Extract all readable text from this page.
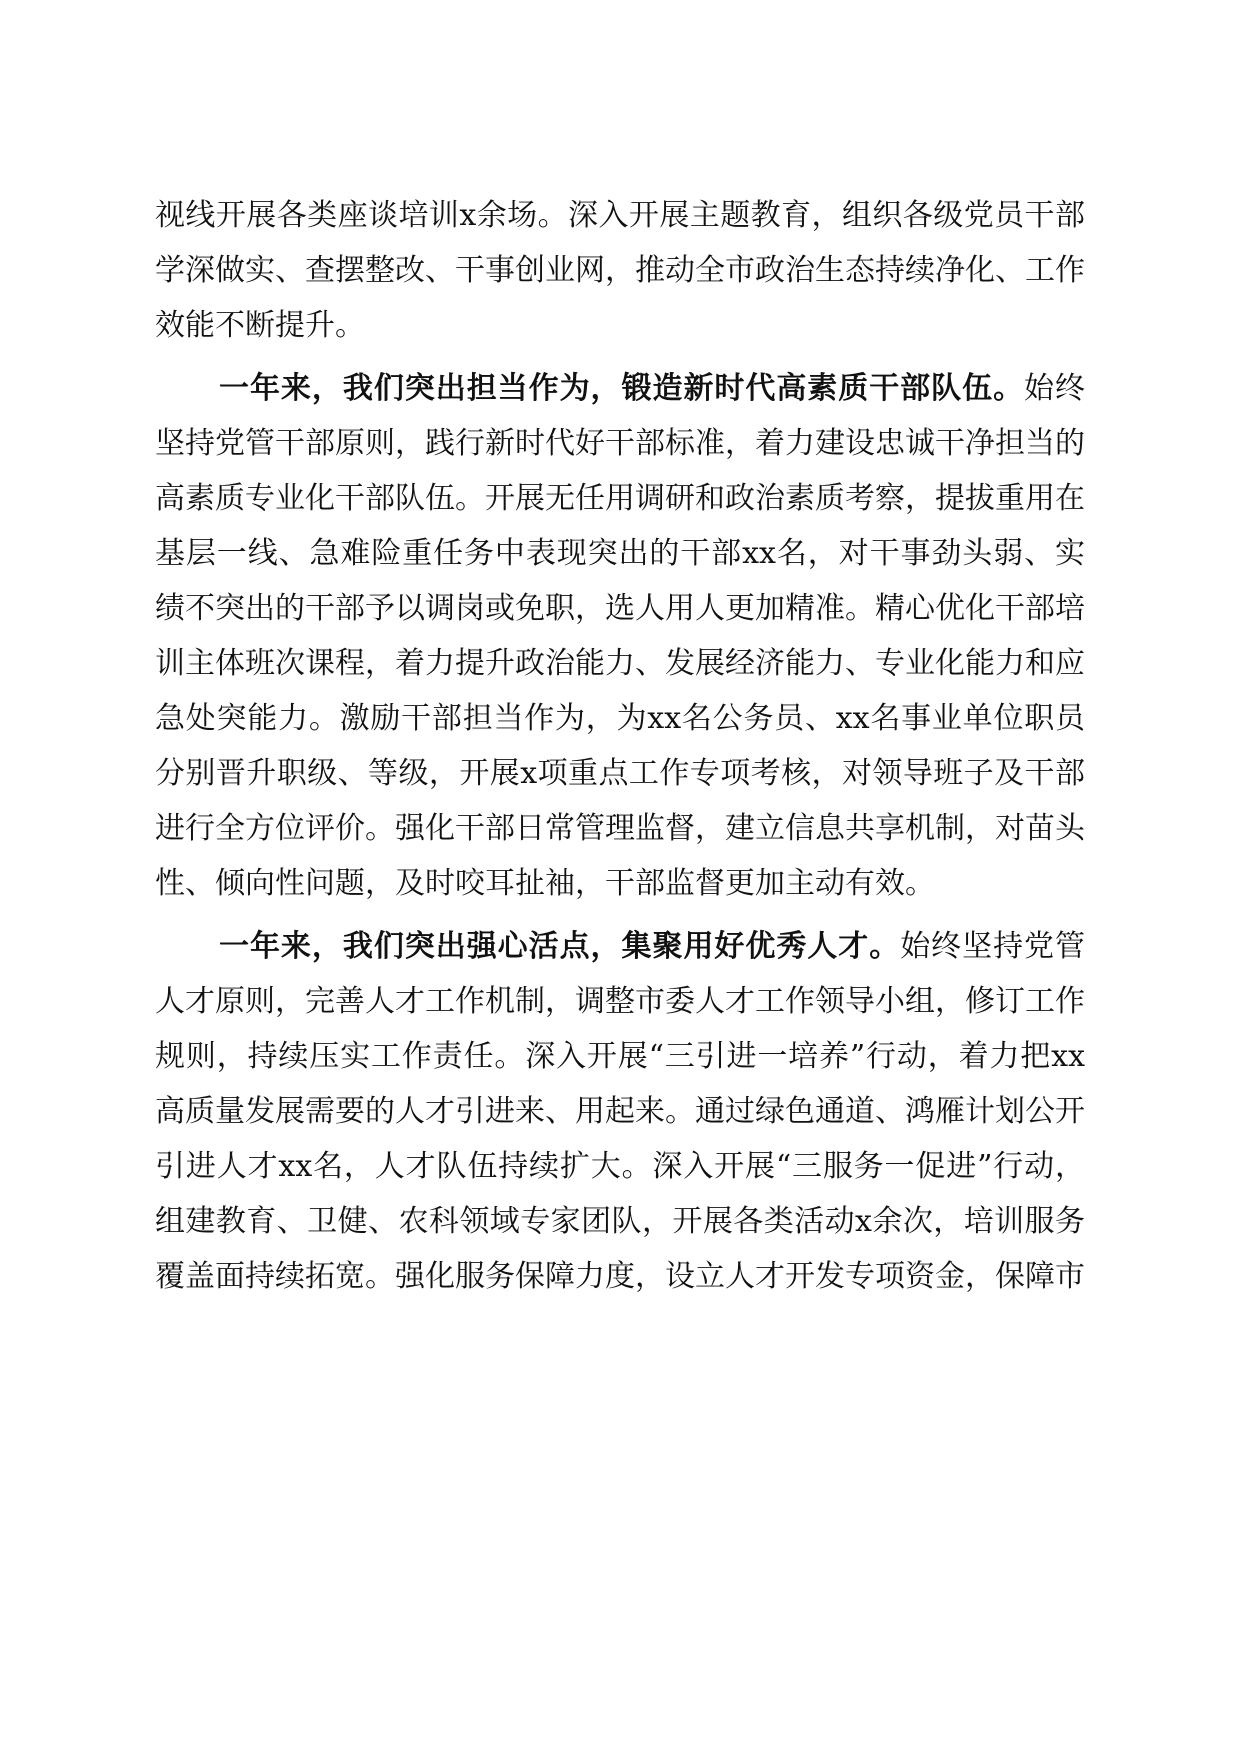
视线开展各类座谈培训x余场。深入开展主题教育，组织各级党员干部学深做实、查摆整改、干事创业网，推动全市政治生态持续净化、工作效能不断提升。

一年来，我们突出担当作为，锻造新时代高素质干部队伍。始终坚持党管干部原则，践行新时代好干部标准，着力建设忠诚干净担当的高素质专业化干部队伍。开展无任用调研和政治素质考察，提拔重用在基层一线、急难险重任务中表现突出的干部xx名，对干事劲头弱、实绩不突出的干部予以调岗或免职，选人用人更加精准。精心优化干部培训主体班次课程，着力提升政治能力、发展经济能力、专业化能力和应急处突能力。激励干部担当作为，为xx名公务员、xx名事业单位职员分别晋升职级、等级，开展x项重点工作专项考核，对领导班子及干部进行全方位评价。强化干部日常管理监督，建立信息共享机制，对苗头性、倾向性问题，及时咬耳扯袖，干部监督更加主动有效。

一年来，我们突出强心活点，集聚用好优秀人才。始终坚持党管人才原则，完善人才工作机制，调整市委人才工作领导小组，修订工作规则，持续压实工作责任。深入开展“三引进一培养”行动，着力把xx高质量发展需要的人才引进来、用起来。通过绿色通道、鸿雁计划公开引进人才xx名，人才队伍持续扩大。深入开展“三服务一促进”行动，组建教育、卫健、农科领域专家团队，开展各类活动x余次，培训服务覆盖面持续拓宽。强化服务保障力度，设立人才开发专项资金，保障市
